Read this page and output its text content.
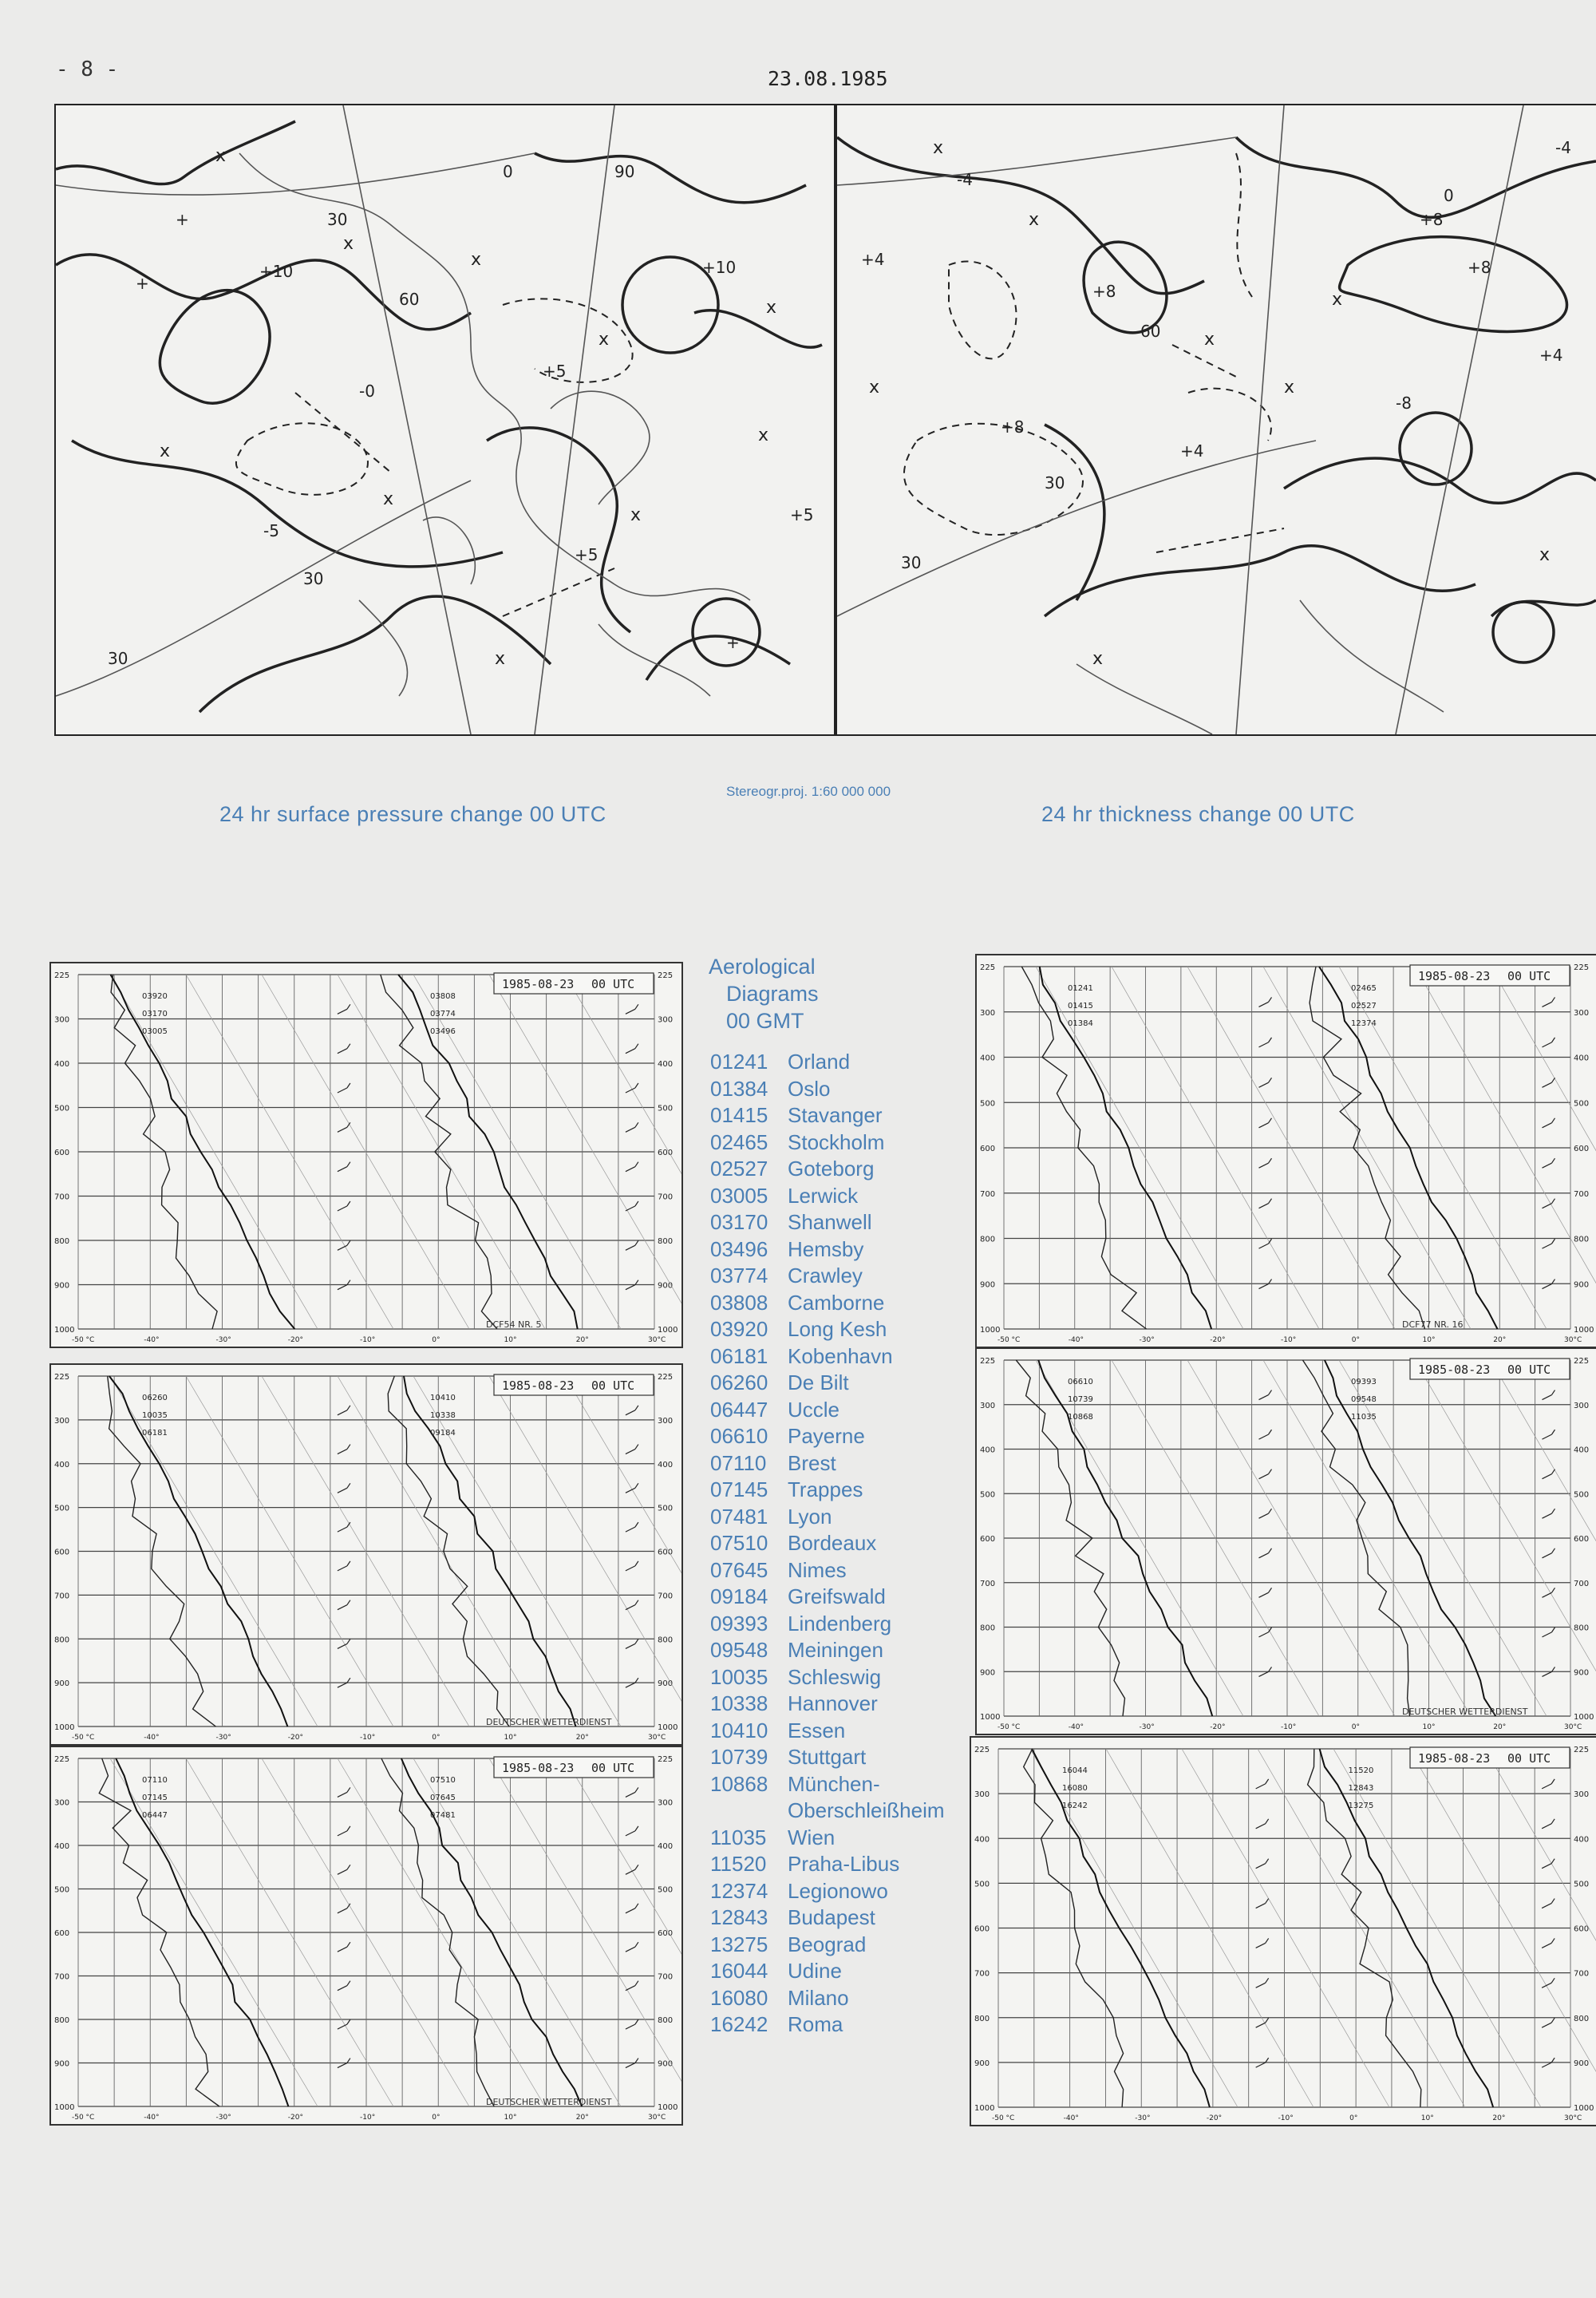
- 8 -	23.08.1985
+10
-0
+10
-5
+5
30
60
0	90
30
30
+5
+5
+
+
+
x
x
x
x
x
x
x
x
x
x
+8
60
+8
+8
+8
-8
+4
30
30
+4
+4
0
-4
-4
x
x
x
x
x	x
x
x
Stereogr.proj. 1:60 000 000
24 hr surface pressure change 00 UTC	24 hr thickness change 00 UTC
225	225
300	300
400	400
500	500
600	600
700	700
800	800
900	900
1000	1000
-50 °C	-40°	-30°	-20°	-10°	0°	10°	20°	30°C
1985-08-23 00 UTC
DCF54 NR. 5
03920
03170
03005
03808
03774
03496
225	225
300	300
400	400
500	500
600	600
700	700
800	800
900	900
1000	1000
-50 °C	-40°	-30°	-20°	-10°	0°	10°	20°	30°C
1985-08-23 00 UTC
DEUTSCHER WETTERDIENST
06260
10035
06181
10410
10338
09184
225	225
300	300
400	400
500	500
600	600
700	700
800	800
900	900
1000	1000
-50 °C	-40°	-30°	-20°	-10°	0°	10°	20°	30°C
1985-08-23 00 UTC
DEUTSCHER WETTERDIENST
07110
07145
06447
07510
07645
07481
225	225
300	300
400	400
500	500
600	600
700	700
800	800
900	900
1000	1000
-50 °C	-40°	-30°	-20°	-10°	0°	10°	20°	30°C
1985-08-23 00 UTC
DCF77 NR. 16
01241
01415
01384
02465
02527
12374
225	225
300	300
400	400
500	500
600	600
700	700
800	800
900	900
1000	1000
-50 °C	-40°	-30°	-20°	-10°	0°	10°	20°	30°C
1985-08-23 00 UTC
DEUTSCHER WETTERDIENST
06610
10739
10868
09393
09548
11035
225	225
300	300
400	400
500	500
600	600
700	700
800	800
900	900
1000	1000
-50 °C	-40°	-30°	-20°	-10°	0°	10°	20°	30°C
1985-08-23 00 UTC
16044
16080
16242
11520
12843
13275
Aerological
Diagrams
00 GMT
01241 Orland
01384 Oslo
01415 Stavanger
02465 Stockholm
02527 Goteborg
03005 Lerwick
03170 Shanwell
03496 Hemsby
03774 Crawley
03808 Camborne
03920 Long Kesh
06181 Kobenhavn
06260 De Bilt
06447 Uccle
06610 Payerne
07110	Brest
07145 Trappes
07481 Lyon
07510 Bordeaux
07645 Nimes
09184 Greifswald
09393 Lindenberg
09548 Meiningen
10035 Schleswig
10338 Hannover
10410 Essen
10739 Stuttgart
10868 München-
Oberschleißheim
11035	Wien
11520	Praha-Libus
12374 Legionowo
12843 Budapest
13275 Beograd
16044 Udine
16080 Milano
16242 Roma
